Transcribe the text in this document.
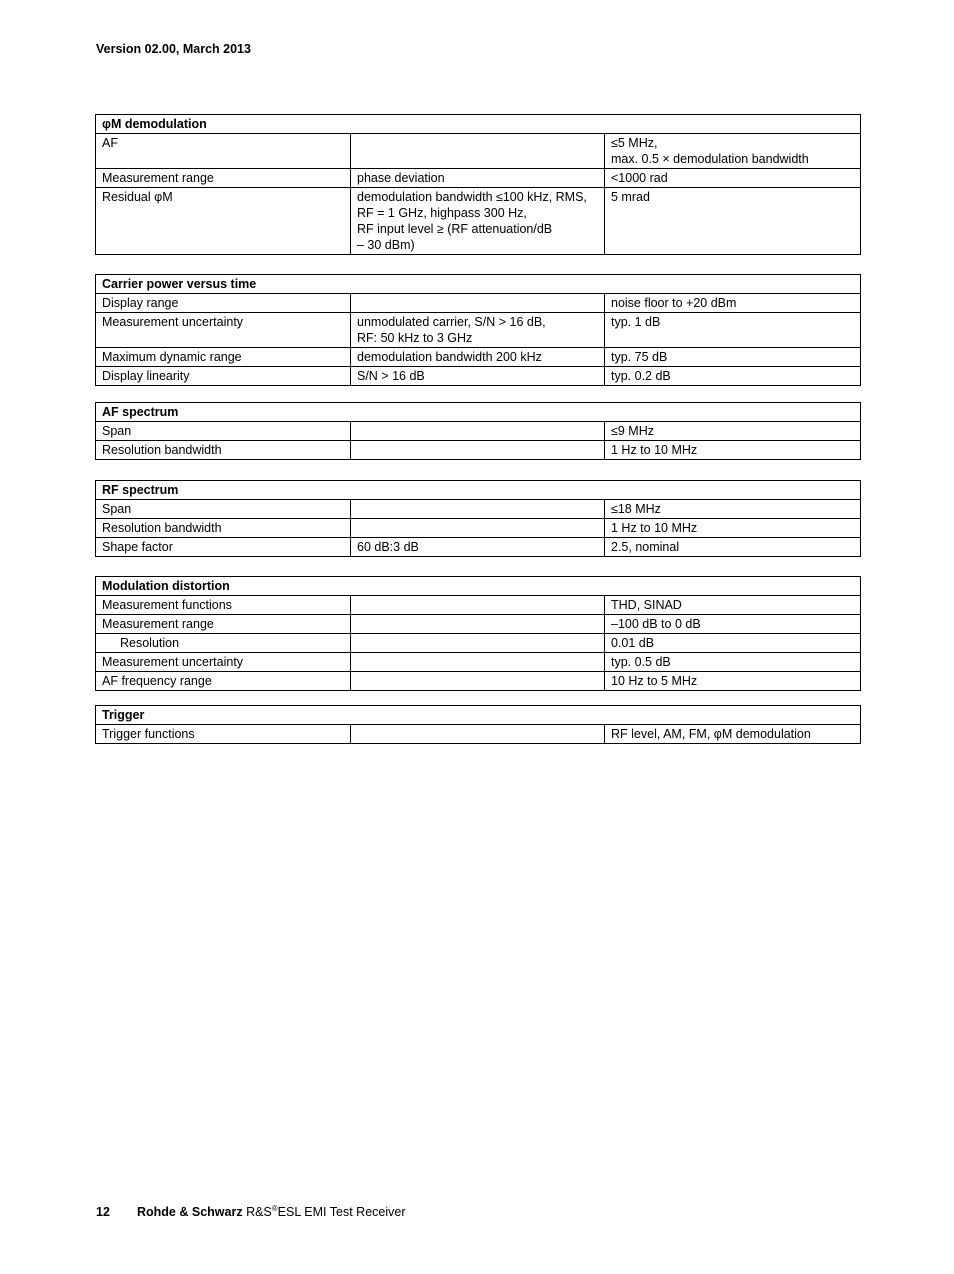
Version 02.00, March 2013
φM demodulation		
AF		≤5 MHz,
max. 0.5 × demodulation bandwidth
Measurement range	phase deviation	<1000 rad
Residual φM	demodulation bandwidth ≤100 kHz, RMS,
RF = 1 GHz, highpass 300 Hz,
RF input level ≥ (RF attenuation/dB
– 30 dBm)	5 mrad
Carrier power versus time		
Display range		noise floor to +20 dBm
Measurement uncertainty	unmodulated carrier, S/N > 16 dB,
RF: 50 kHz to 3 GHz	typ. 1 dB
Maximum dynamic range	demodulation bandwidth 200 kHz	typ. 75 dB
Display linearity	S/N > 16 dB	typ. 0.2 dB
AF spectrum		
Span		≤9 MHz
Resolution bandwidth		1 Hz to 10 MHz
RF spectrum		
Span		≤18 MHz
Resolution bandwidth		1 Hz to 10 MHz
Shape factor	60 dB:3 dB	2.5, nominal
Modulation distortion		
Measurement functions		THD, SINAD
Measurement range		–100 dB to 0 dB
Resolution		0.01 dB
Measurement uncertainty		typ. 0.5 dB
AF frequency range		10 Hz to 5 MHz
Trigger
Trigger functions		RF level, AM, FM, φM demodulation
12 Rohde & Schwarz R&S®ESL EMI Test Receiver
